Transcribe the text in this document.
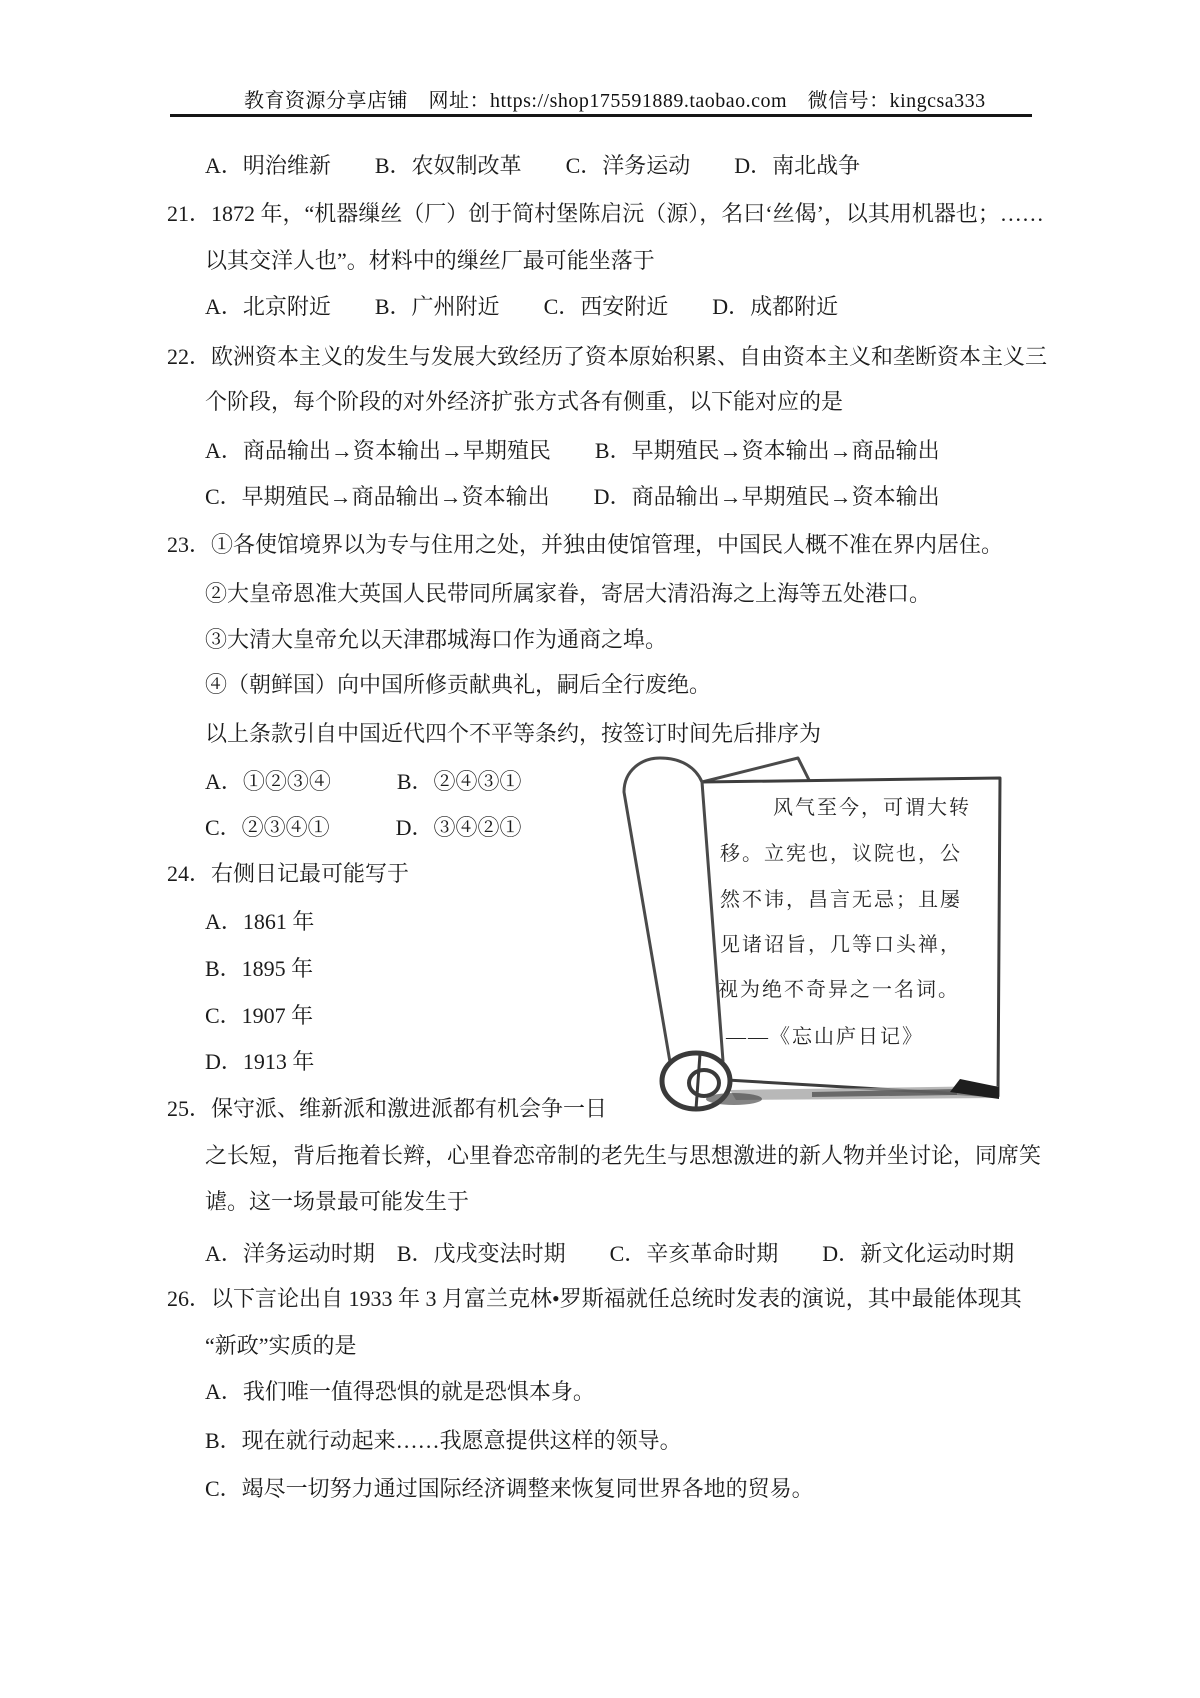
教育资源分享店铺　网址：https://shop175591889.taobao.com　微信号：kingcsa333
A．明治维新　　B．农奴制改革　　C．洋务运动　　D．南北战争
21．1872 年，“机器缫丝（厂）创于简村堡陈启沅（源），名曰‘丝偈’，以其用机器也；……
以其交洋人也”。材料中的缫丝厂最可能坐落于
A．北京附近　　B．广州附近　　C．西安附近　　D．成都附近
22．欧洲资本主义的发生与发展大致经历了资本原始积累、自由资本主义和垄断资本主义三
个阶段，每个阶段的对外经济扩张方式各有侧重，以下能对应的是
A．商品输出→资本输出→早期殖民　　B．早期殖民→资本输出→商品输出
C．早期殖民→商品输出→资本输出　　D．商品输出→早期殖民→资本输出
23．①各使馆境界以为专与住用之处，并独由使馆管理，中国民人概不准在界内居住。
②大皇帝恩准大英国人民带同所属家眷，寄居大清沿海之上海等五处港口。
③大清大皇帝允以天津郡城海口作为通商之埠。
④（朝鲜国）向中国所修贡献典礼，嗣后全行废绝。
以上条款引自中国近代四个不平等条约，按签订时间先后排序为
A．①②③④　　　B．②④③①
C．②③④①　　　D．③④②①
24．右侧日记最可能写于
A．1861 年
B．1895 年
C．1907 年
D．1913 年
25．保守派、维新派和激进派都有机会争一日
之长短，背后拖着长辫，心里眷恋帝制的老先生与思想激进的新人物并坐讨论，同席笑
谑。这一场景最可能发生于
A．洋务运动时期　B．戊戌变法时期　　C．辛亥革命时期　　D．新文化运动时期
26．以下言论出自 1933 年 3 月富兰克林•罗斯福就任总统时发表的演说，其中最能体现其
“新政”实质的是
A．我们唯一值得恐惧的就是恐惧本身。
B．现在就行动起来……我愿意提供这样的领导。
C．竭尽一切努力通过国际经济调整来恢复同世界各地的贸易。
风气至今，可谓大转
移。立宪也，议院也，公
然不讳，昌言无忌；且屡
见诸诏旨，几等口头禅，
视为绝不奇异之一名词。
——《忘山庐日记》
